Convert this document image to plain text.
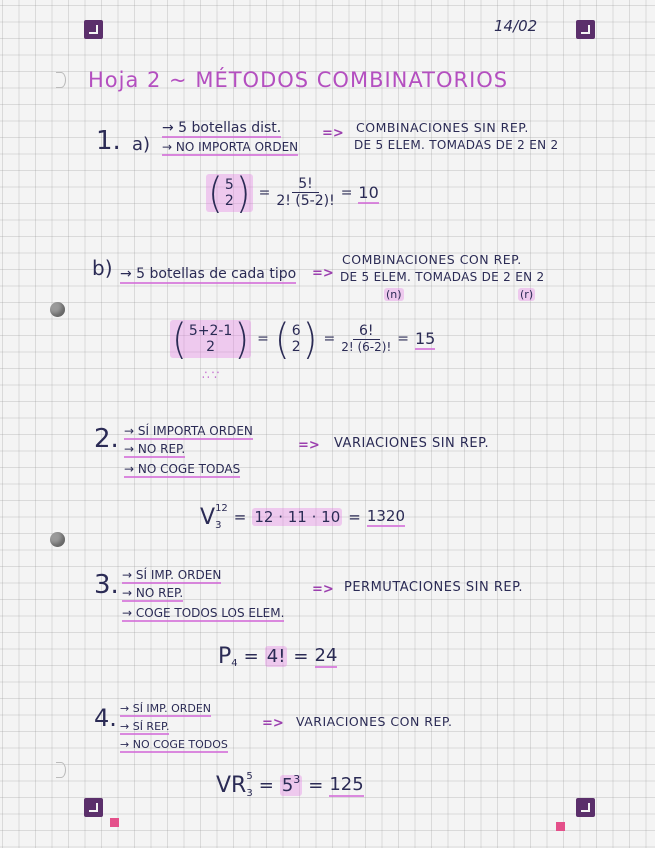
14/02
Hoja 2 ~ MÉTODOS COMBINATORIOS
1. a)
→ 5 botellas dist.
→ NO IMPORTA ORDEN
=> COMBINACIONES SIN REP.
DE 5 ELEM. TOMADAS DE 2 EN 2
( 5
2 ) = $\frac{5!}{2! (5-2)!} = 10$
b) → 5 botellas de cada tipo =>
COMBINACIONES CON REP.
DE 5 ELEM. TOMADAS DE 2 EN 2
(n)	(r)
( 5+2-1
2 ) = ( 6
2 ) = $\frac{6!}{2! (6-2)!} = 15$
∴∵
2. → SÍ IMPORTA ORDEN
→ NO REP.
→ NO COGE TODAS
=> VARIACIONES SIN REP.
V 12
3 = 12 · 11 · 10 = 1320
3. → SÍ IMP. ORDEN
→ NO REP.
→ COGE TODOS LOS ELEM.
=> PERMUTACIONES SIN REP.
P 4 = 4! = 24
4. → SÍ IMP. ORDEN
→ SÍ REP.
→ NO COGE TODOS
=> VARIACIONES CON REP.
VR 5
$3 = 5^3 = 125$
